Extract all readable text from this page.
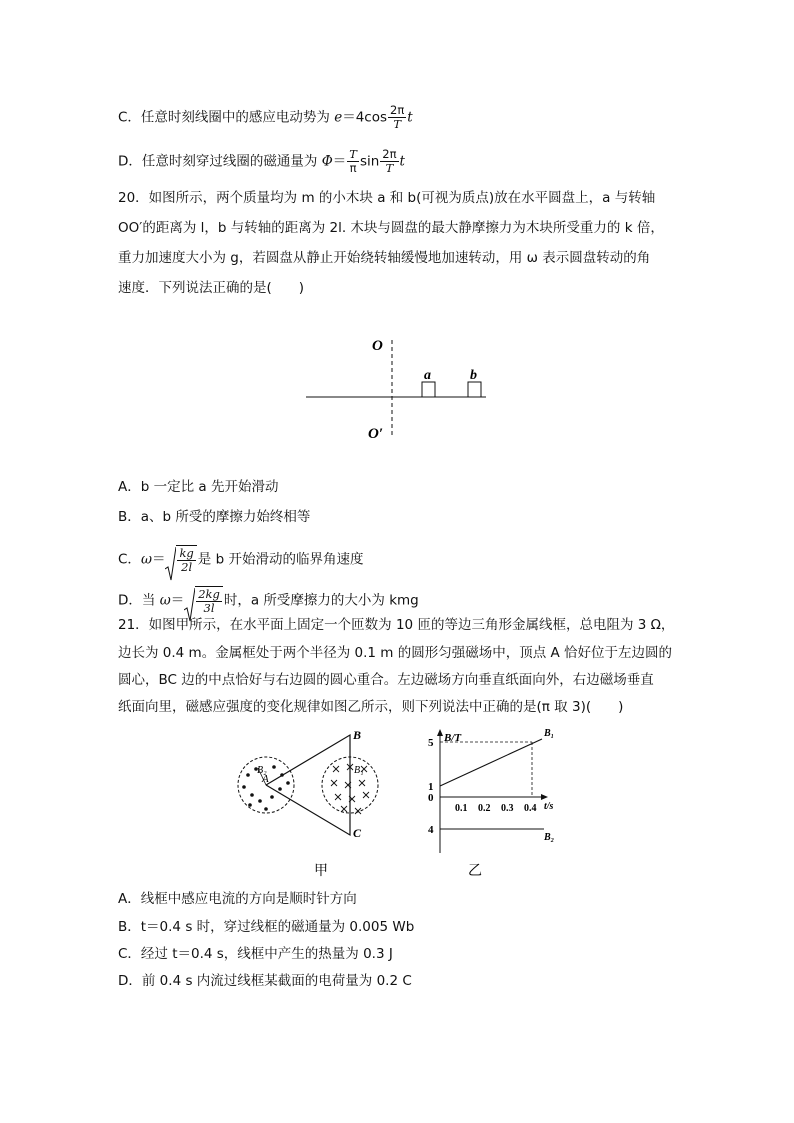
C．任意时刻线圈中的感应电动势为 $e=4\cos \frac{2\pi}{T}$ t
D．任意时刻穿过线圈的磁通量为 $\Phi= \frac{T}{\pi}$ $\sin \frac{2\pi}{T}$ t
20．如图所示，两个质量均为 m 的小木块 a 和 b(可视为质点)放在水平圆盘上，a 与转轴
OO′的距离为 l，b 与转轴的距离为 2l. 木块与圆盘的最大静摩擦力为木块所受重力的 k 倍，
重力加速度大小为 g，若圆盘从静止开始绕转轴缓慢地加速转动，用 ω 表示圆盘转动的角
速度．下列说法正确的是(　　)
O
O′
a	b
A．b 一定比 a 先开始滑动
B．a、b 所受的摩擦力始终相等
C．$\omega= \frac{kg}{2l}$ 是 b 开始滑动的临界角速度
D．当 $\omega= \frac{2kg}{3l}$ 时，a 所受摩擦力的大小为 kmg
21．如图甲所示，在水平面上固定一个匝数为 10 匝的等边三角形金属线框，总电阻为 3 Ω，
边长为 0.4 m。金属框处于两个半径为 0.1 m 的圆形匀强磁场中，顶点 A 恰好位于左边圆的
圆心，BC 边的中点恰好与右边圆的圆心重合。左边磁场方向垂直纸面向外，右边磁场垂直
纸面向里，磁感应强度的变化规律如图乙所示，则下列说法中正确的是(π 取 3)(　　)
B₂
A
B
C
B₁
甲
5
1
4
0.1 0.2 0.3 0.4
B₁
B₂
B/T
t/s
0
乙
A．线框中感应电流的方向是顺时针方向
B．t＝0.4 s 时，穿过线框的磁通量为 0.005 Wb
C．经过 t＝0.4 s，线框中产生的热量为 0.3 J
D．前 0.4 s 内流过线框某截面的电荷量为 0.2 C
